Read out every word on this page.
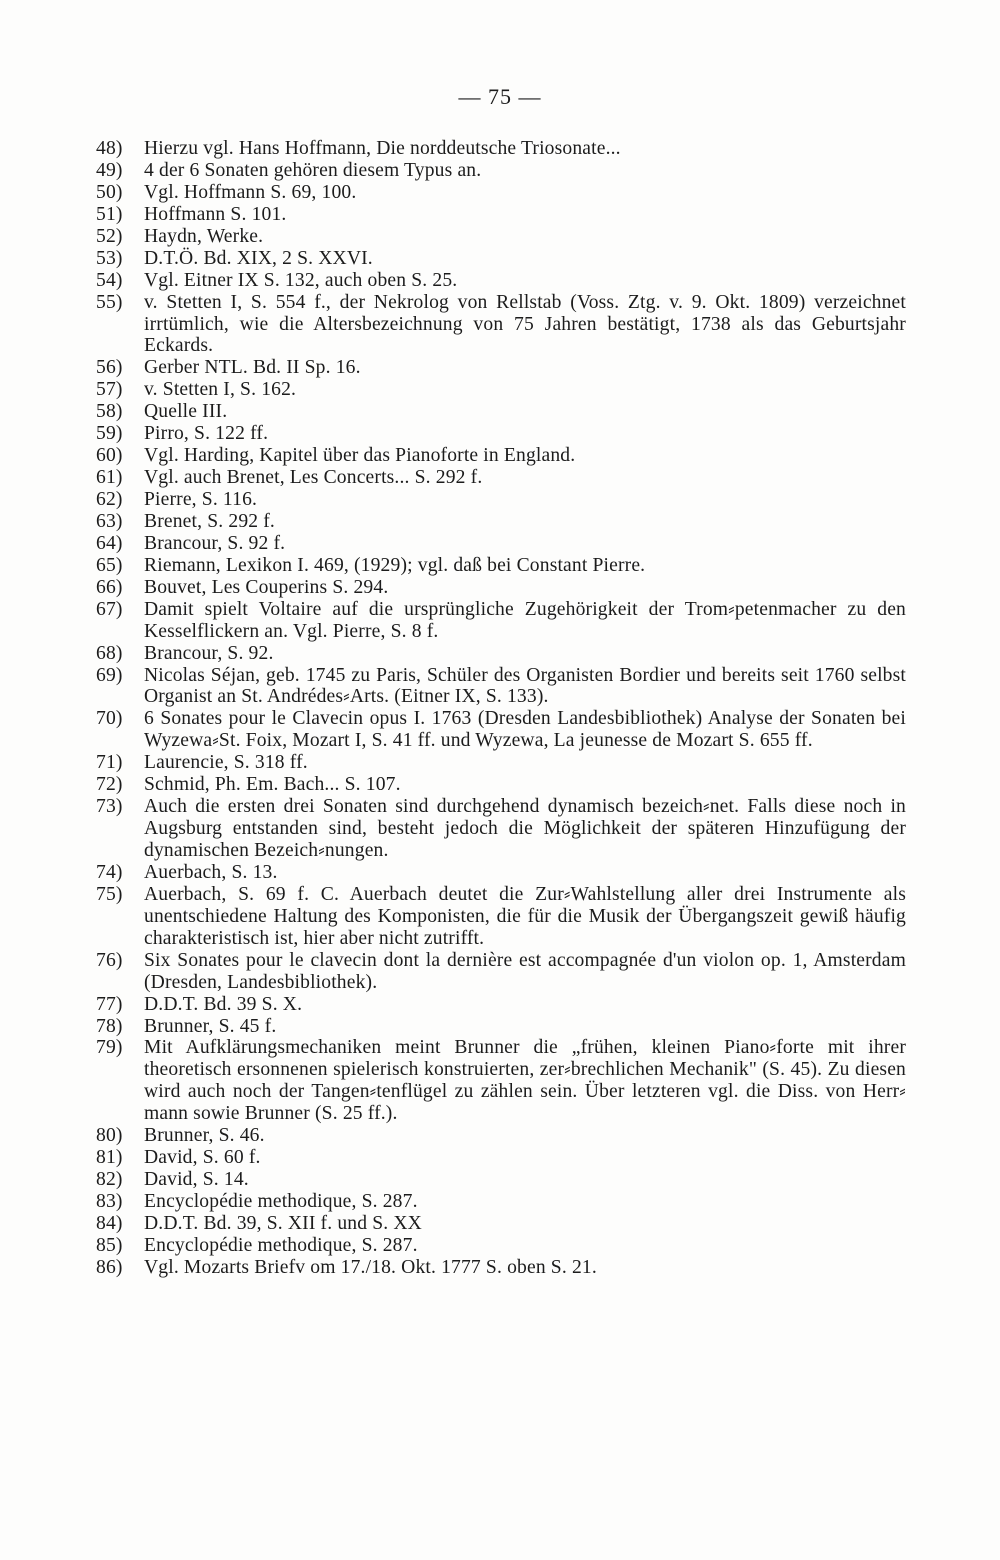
— 75 —
48)	Hierzu vgl. Hans Hoffmann, Die norddeutsche Triosonate...
49)	4 der 6 Sonaten gehören diesem Typus an.
50)	Vgl. Hoffmann S. 69, 100.
51)	Hoffmann S. 101.
52)	Haydn, Werke.
53)	D.T.Ö. Bd. XIX, 2 S. XXVI.
54)	Vgl. Eitner IX S. 132, auch oben S. 25.
55)	v. Stetten I, S. 554 f., der Nekrolog von Rellstab (Voss. Ztg. v. 9. Okt. 1809) verzeichnet irrtümlich, wie die Altersbezeichnung von 75 Jahren bestätigt, 1738 als das Geburtsjahr Eckards.
56)	Gerber NTL. Bd. II Sp. 16.
57)	v. Stetten I, S. 162.
58)	Quelle III.
59)	Pirro, S. 122 ff.
60)	Vgl. Harding, Kapitel über das Pianoforte in England.
61)	Vgl. auch Brenet, Les Concerts... S. 292 f.
62)	Pierre, S. 116.
63)	Brenet, S. 292 f.
64)	Brancour, S. 92 f.
65)	Riemann, Lexikon I. 469, (1929); vgl. daß bei Constant Pierre.
66)	Bouvet, Les Couperins S. 294.
67)	Damit spielt Voltaire auf die ursprüngliche Zugehörigkeit der Trom⸗petenmacher zu den Kesselflickern an. Vgl. Pierre, S. 8 f.
68)	Brancour, S. 92.
69)	Nicolas Séjan, geb. 1745 zu Paris, Schüler des Organisten Bordier und bereits seit 1760 selbst Organist an St. Andrédes⸗Arts. (Eitner IX, S. 133).
70)	6 Sonates pour le Clavecin opus I. 1763 (Dresden Landesbibliothek) Analyse der Sonaten bei Wyzewa⸗St. Foix, Mozart I, S. 41 ff. und Wyzewa, La jeunesse de Mozart S. 655 ff.
71)	Laurencie, S. 318 ff.
72)	Schmid, Ph. Em. Bach... S. 107.
73)	Auch die ersten drei Sonaten sind durchgehend dynamisch bezeich⸗net. Falls diese noch in Augsburg entstanden sind, besteht jedoch die Möglichkeit der späteren Hinzufügung der dynamischen Bezeich⸗nungen.
74)	Auerbach, S. 13.
75)	Auerbach, S. 69 f. C. Auerbach deutet die Zur⸗Wahlstellung aller drei Instrumente als unentschiedene Haltung des Komponisten, die für die Musik der Übergangszeit gewiß häufig charakteristisch ist, hier aber nicht zutrifft.
76)	Six Sonates pour le clavecin dont la dernière est accompagnée d'un violon op. 1, Amsterdam (Dresden, Landesbibliothek).
77)	D.D.T. Bd. 39 S. X.
78)	Brunner, S. 45 f.
79)	Mit Aufklärungsmechaniken meint Brunner die „frühen, kleinen Piano⸗forte mit ihrer theoretisch ersonnenen spielerisch konstruierten, zer⸗brechlichen Mechanik" (S. 45). Zu diesen wird auch noch der Tangen⸗tenflügel zu zählen sein. Über letzteren vgl. die Diss. von Herr⸗mann sowie Brunner (S. 25 ff.).
80)	Brunner, S. 46.
81)	David, S. 60 f.
82)	David, S. 14.
83)	Encyclopédie methodique, S. 287.
84)	D.D.T. Bd. 39, S. XII f. und S. XX
85)	Encyclopédie methodique, S. 287.
86)	Vgl. Mozarts Briefv om 17./18. Okt. 1777 S. oben S. 21.
